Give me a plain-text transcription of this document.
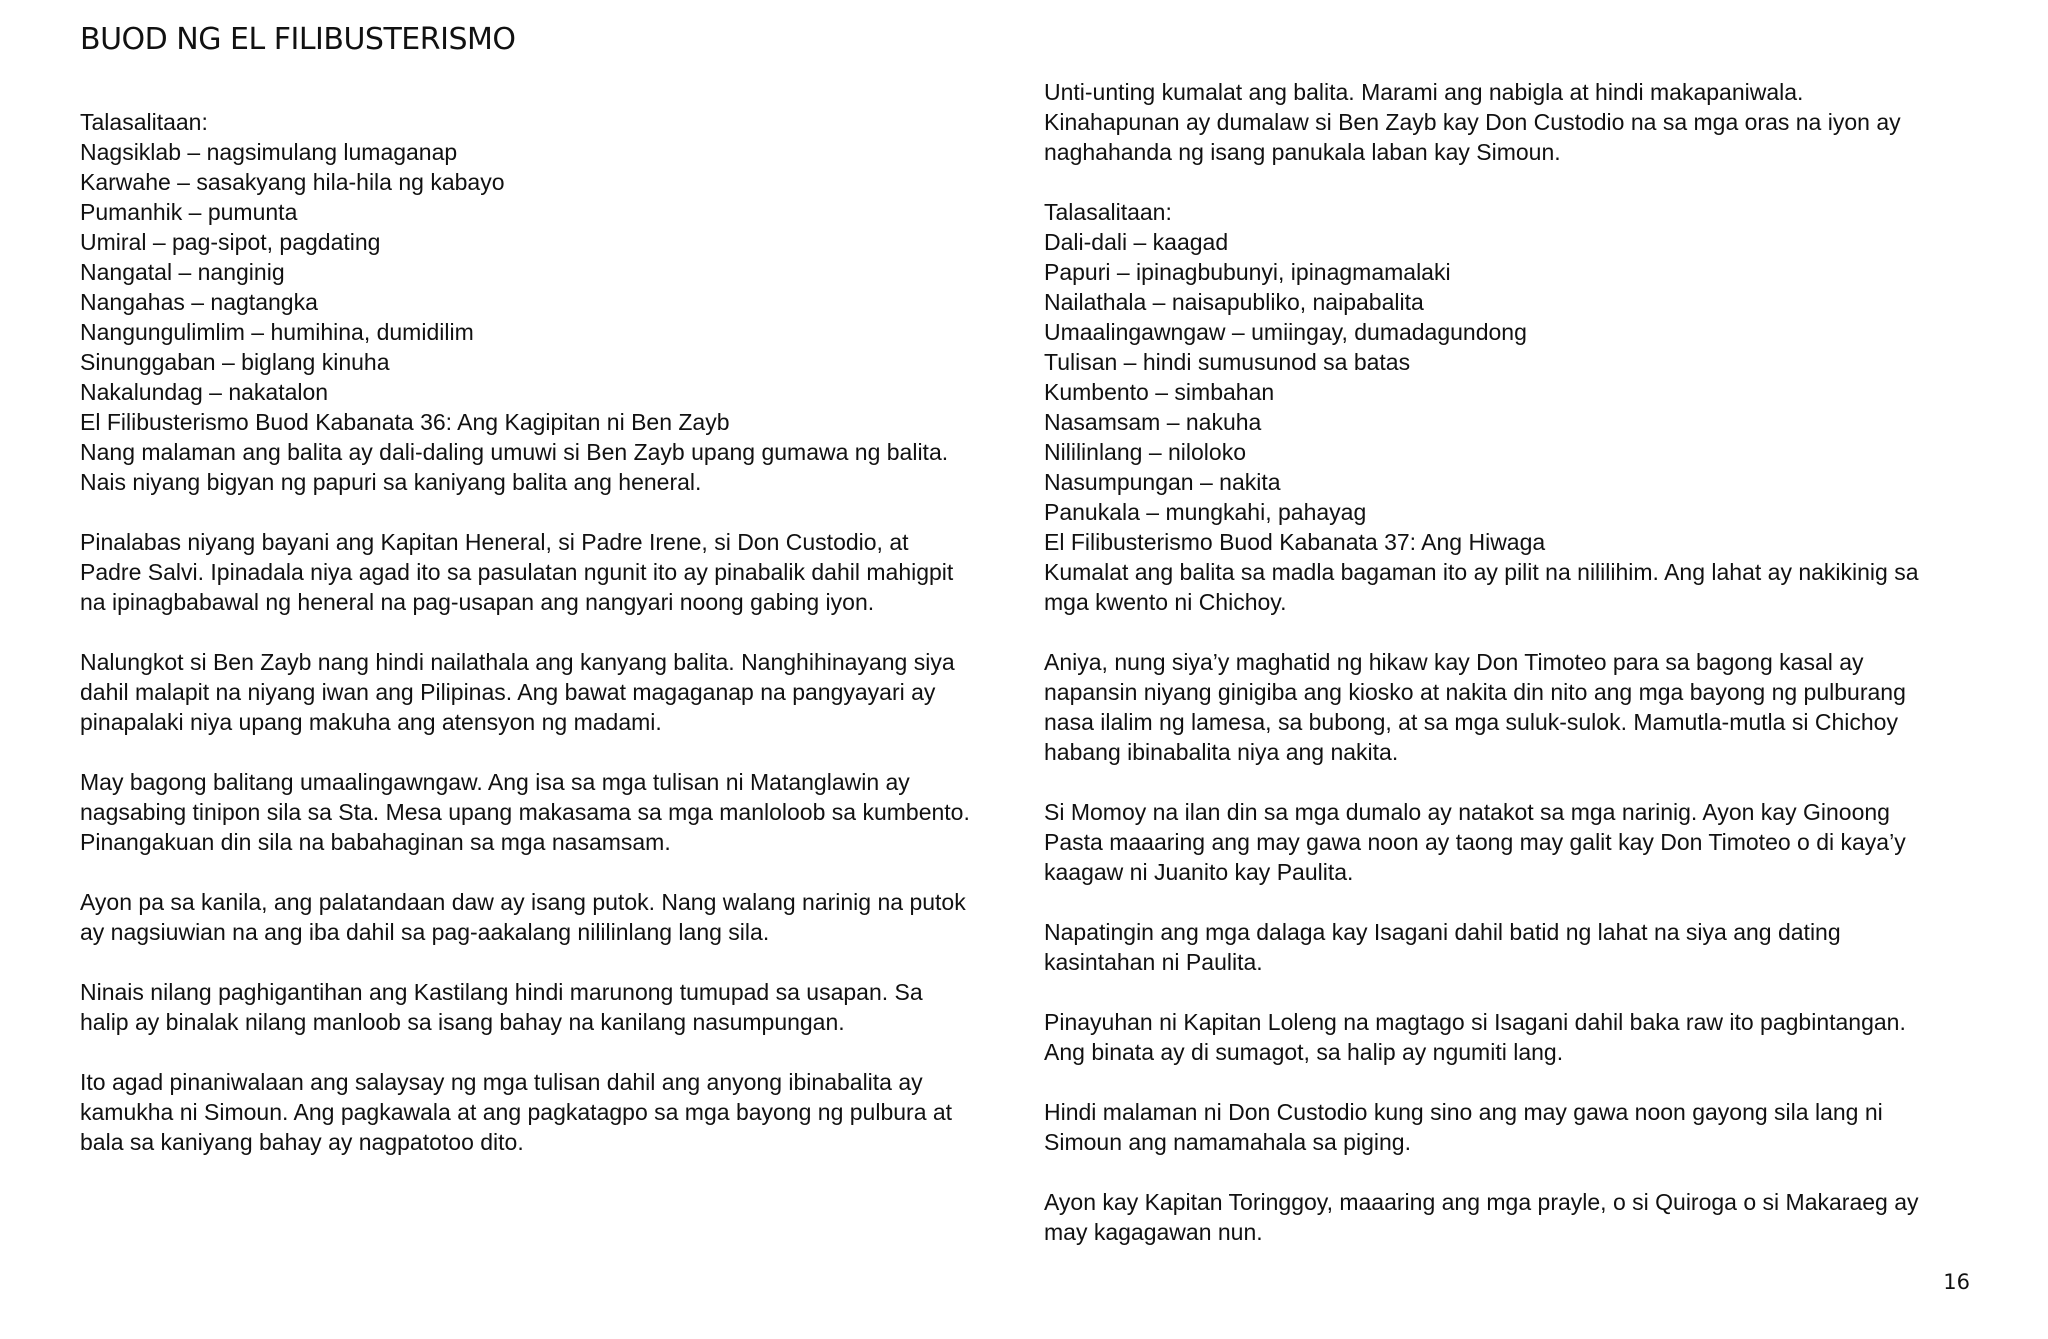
BUOD NG EL FILIBUSTERISMO
Talasalitaan:
Nagsiklab – nagsimulang lumaganap
Karwahe – sasakyang hila-hila ng kabayo
Pumanhik – pumunta
Umiral – pag-sipot, pagdating
Nangatal – nanginig
Nangahas – nagtangka
Nangungulimlim – humihina, dumidilim
Sinunggaban – biglang kinuha
Nakalundag – nakatalon
El Filibusterismo Buod Kabanata 36: Ang Kagipitan ni Ben Zayb
Nang malaman ang balita ay dali-daling umuwi si Ben Zayb upang gumawa ng balita.
Nais niyang bigyan ng papuri sa kaniyang balita ang heneral.
Pinalabas niyang bayani ang Kapitan Heneral, si Padre Irene, si Don Custodio, at
Padre Salvi. Ipinadala niya agad ito sa pasulatan ngunit ito ay pinabalik dahil mahigpit
na ipinagbabawal ng heneral na pag-usapan ang nangyari noong gabing iyon.
Nalungkot si Ben Zayb nang hindi nailathala ang kanyang balita. Nanghihinayang siya
dahil malapit na niyang iwan ang Pilipinas. Ang bawat magaganap na pangyayari ay
pinapalaki niya upang makuha ang atensyon ng madami.
May bagong balitang umaalingawngaw. Ang isa sa mga tulisan ni Matanglawin ay
nagsabing tinipon sila sa Sta. Mesa upang makasama sa mga manloloob sa kumbento.
Pinangakuan din sila na babahaginan sa mga nasamsam.
Ayon pa sa kanila, ang palatandaan daw ay isang putok. Nang walang narinig na putok
ay nagsiuwian na ang iba dahil sa pag-aakalang nililinlang lang sila.
Ninais nilang paghigantihan ang Kastilang hindi marunong tumupad sa usapan. Sa
halip ay binalak nilang manloob sa isang bahay na kanilang nasumpungan.
Ito agad pinaniwalaan ang salaysay ng mga tulisan dahil ang anyong ibinabalita ay
kamukha ni Simoun. Ang pagkawala at ang pagkatagpo sa mga bayong ng pulbura at
bala sa kaniyang bahay ay nagpatotoo dito.
Unti-unting kumalat ang balita. Marami ang nabigla at hindi makapaniwala.
Kinahapunan ay dumalaw si Ben Zayb kay Don Custodio na sa mga oras na iyon ay
naghahanda ng isang panukala laban kay Simoun.
Talasalitaan:
Dali-dali – kaagad
Papuri – ipinagbubunyi, ipinagmamalaki
Nailathala – naisapubliko, naipabalita
Umaalingawngaw – umiingay, dumadagundong
Tulisan – hindi sumusunod sa batas
Kumbento – simbahan
Nasamsam – nakuha
Nililinlang – niloloko
Nasumpungan – nakita
Panukala – mungkahi, pahayag
El Filibusterismo Buod Kabanata 37: Ang Hiwaga
Kumalat ang balita sa madla bagaman ito ay pilit na nililihim. Ang lahat ay nakikinig sa
mga kwento ni Chichoy.
Aniya, nung siya’y maghatid ng hikaw kay Don Timoteo para sa bagong kasal ay
napansin niyang ginigiba ang kiosko at nakita din nito ang mga bayong ng pulburang
nasa ilalim ng lamesa, sa bubong, at sa mga suluk-sulok. Mamutla-mutla si Chichoy
habang ibinabalita niya ang nakita.
Si Momoy na ilan din sa mga dumalo ay natakot sa mga narinig. Ayon kay Ginoong
Pasta maaaring ang may gawa noon ay taong may galit kay Don Timoteo o di kaya’y
kaagaw ni Juanito kay Paulita.
Napatingin ang mga dalaga kay Isagani dahil batid ng lahat na siya ang dating
kasintahan ni Paulita.
Pinayuhan ni Kapitan Loleng na magtago si Isagani dahil baka raw ito pagbintangan.
Ang binata ay di sumagot, sa halip ay ngumiti lang.
Hindi malaman ni Don Custodio kung sino ang may gawa noon gayong sila lang ni
Simoun ang namamahala sa piging.
Ayon kay Kapitan Toringgoy, maaaring ang mga prayle, o si Quiroga o si Makaraeg ay
may kagagawan nun.
16
